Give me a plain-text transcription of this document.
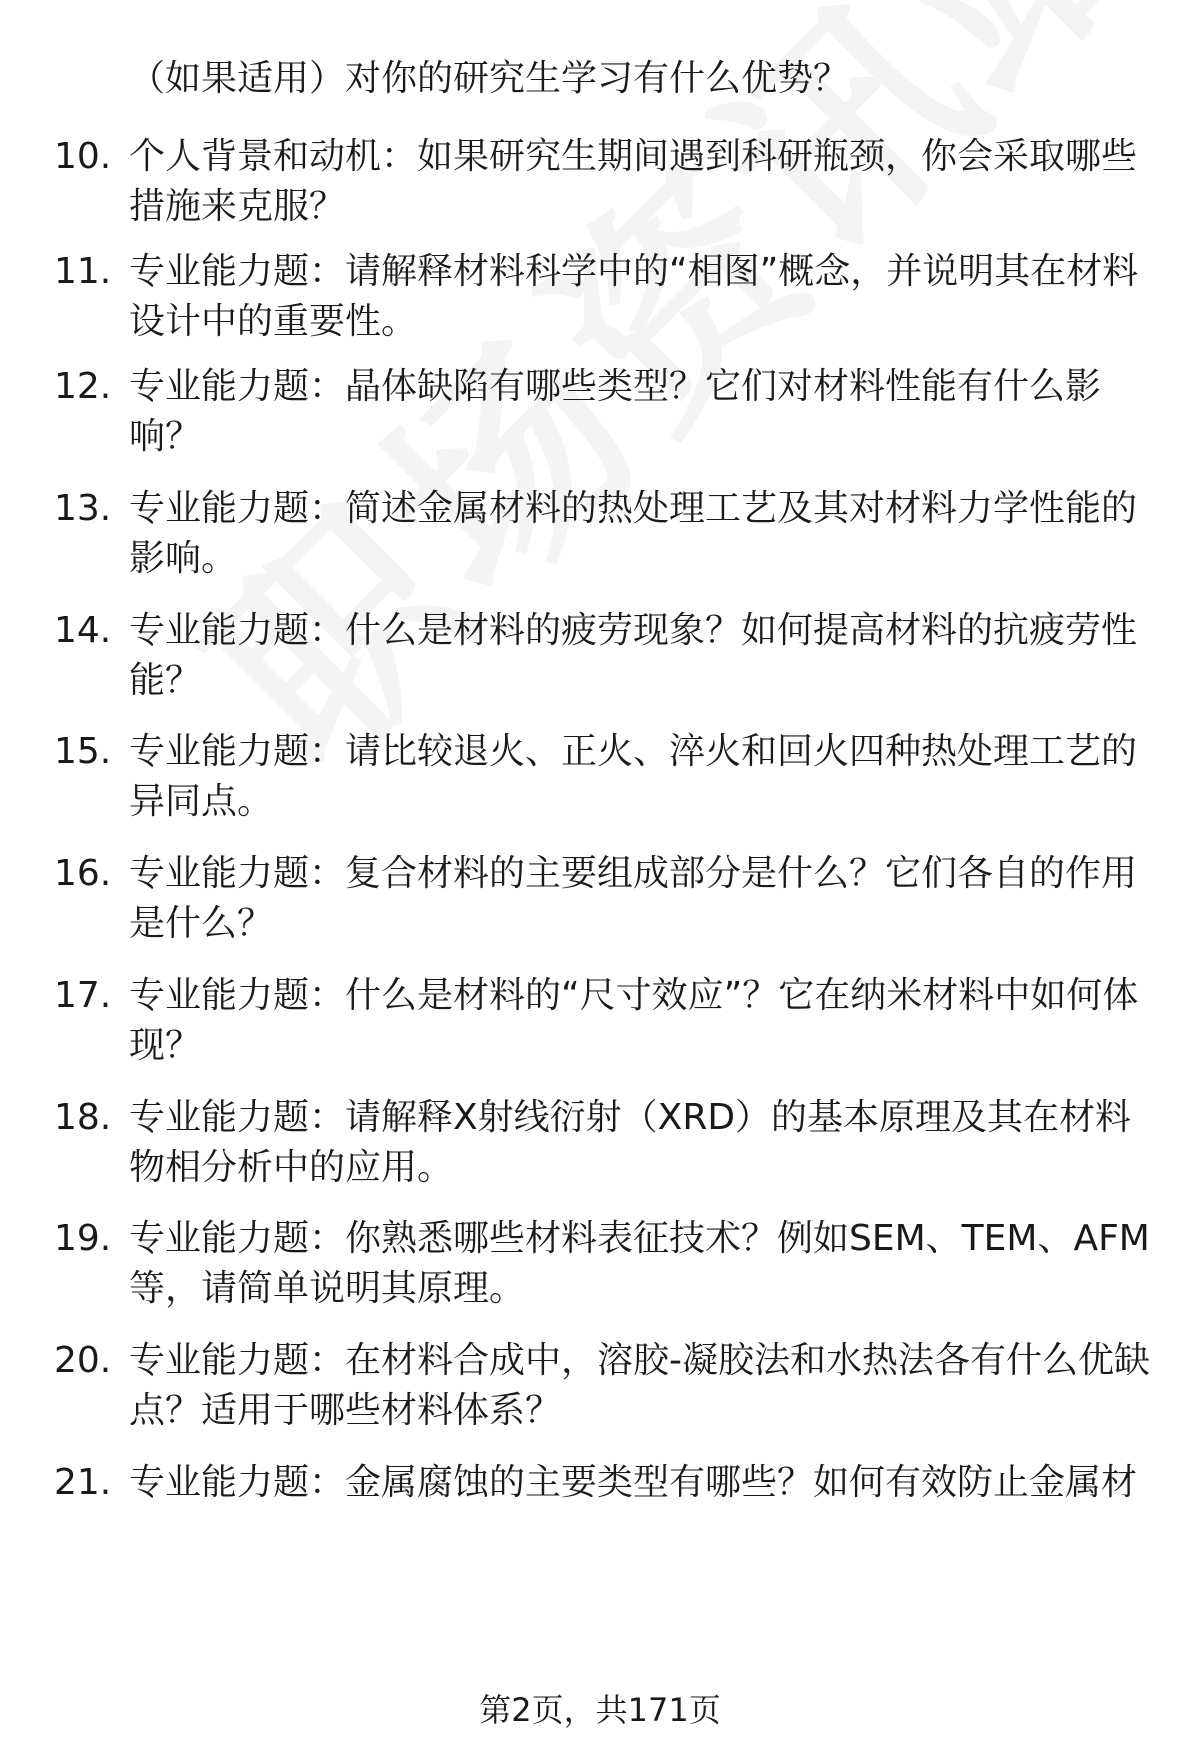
（如果适用）对你的研究生学习有什么优势？
10. 个人背景和动机：如果研究生期间遇到科研瓶颈，你会采取哪些措施来克服？
11. 专业能力题：请解释材料科学中的“相图”概念，并说明其在材料设计中的重要性。
12. 专业能力题：晶体缺陷有哪些类型？它们对材料性能有什么影响？
13. 专业能力题：简述金属材料的热处理工艺及其对材料力学性能的影响。
14. 专业能力题：什么是材料的疲劳现象？如何提高材料的抗疲劳性能？
15. 专业能力题：请比较退火、正火、淬火和回火四种热处理工艺的异同点。
16. 专业能力题：复合材料的主要组成部分是什么？它们各自的作用是什么？
17. 专业能力题：什么是材料的“尺寸效应”？它在纳米材料中如何体现？
18. 专业能力题：请解释X射线衍射（XRD）的基本原理及其在材料物相分析中的应用。
19. 专业能力题：你熟悉哪些材料表征技术？例如SEM、TEM、AFM等，请简单说明其原理。
20. 专业能力题：在材料合成中，溶胶-凝胶法和水热法各有什么优缺点？适用于哪些材料体系？
21. 专业能力题：金属腐蚀的主要类型有哪些？如何有效防止金属材
第2页，共171页
